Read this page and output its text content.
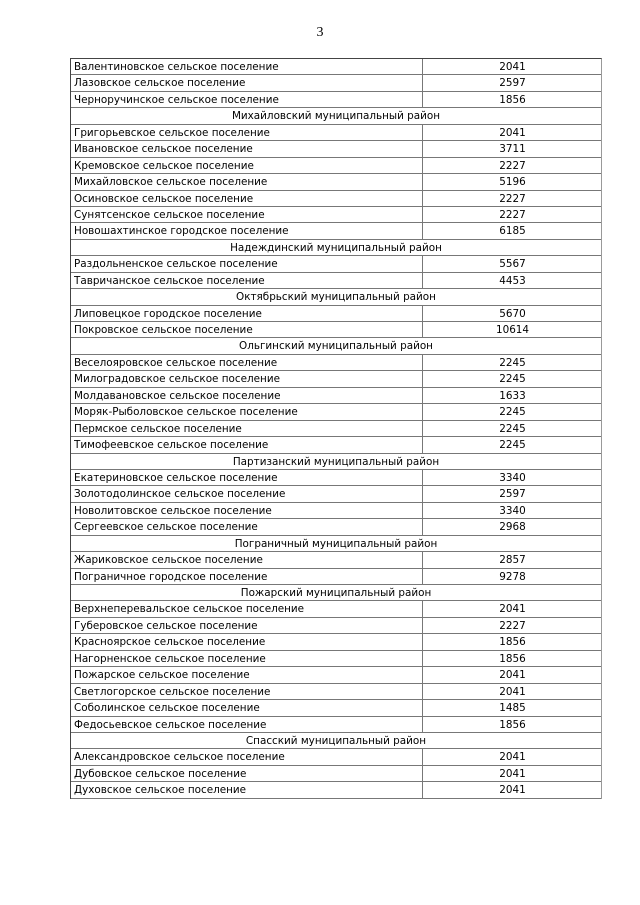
3
Валентиновское сельское поселение	2041
Лазовское сельское поселение	2597
Черноручинское сельское поселение	1856
Михайловский муниципальный район
Григорьевское сельское поселение	2041
Ивановское сельское поселение	3711
Кремовское сельское поселение	2227
Михайловское сельское поселение	5196
Осиновское сельское поселение	2227
Сунятсенское сельское поселение	2227
Новошахтинское городское поселение	6185
Надеждинский муниципальный район
Раздольненское сельское поселение	5567
Тавричанское сельское поселение	4453
Октябрьский муниципальный район
Липовецкое городское поселение	5670
Покровское сельское поселение	10614
Ольгинский муниципальный район
Веселояровское сельское поселение	2245
Милоградовское сельское поселение	2245
Молдавановское сельское поселение	1633
Моряк-Рыболовское сельское поселение	2245
Пермское сельское поселение	2245
Тимофеевское сельское поселение	2245
Партизанский муниципальный район
Екатериновское сельское поселение	3340
Золотодолинское сельское поселение	2597
Новолитовское сельское поселение	3340
Сергеевское сельское поселение	2968
Пограничный муниципальный район
Жариковское сельское поселение	2857
Пограничное городское поселение	9278
Пожарский муниципальный район
Верхнеперевальское сельское поселение	2041
Губеровское сельское поселение	2227
Красноярское сельское поселение	1856
Нагорненское сельское поселение	1856
Пожарское сельское поселение	2041
Светлогорское сельское поселение	2041
Соболинское сельское поселение	1485
Федосьевское сельское поселение	1856
Спасский муниципальный район
Александровское сельское поселение	2041
Дубовское сельское поселение	2041
Духовское сельское поселение	2041
